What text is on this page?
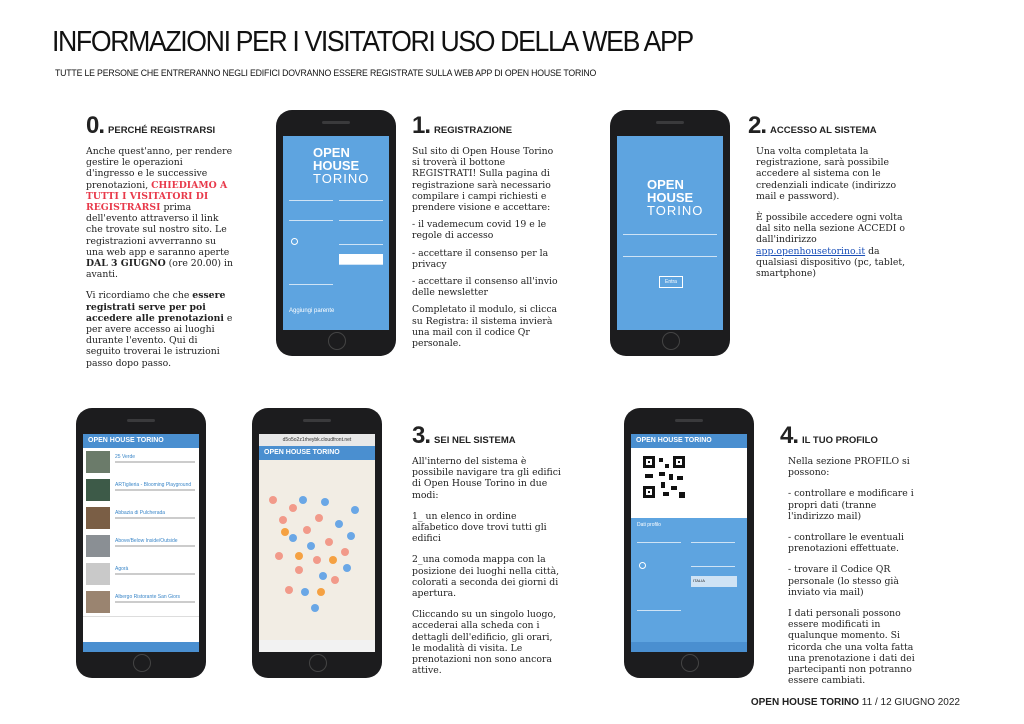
INFORMAZIONI PER I VISITATORI USO DELLA WEB APP
TUTTE LE PERSONE CHE ENTRERANNO NEGLI EDIFICI DOVRANNO ESSERE REGISTRATE SULLA WEB APP DI OPEN HOUSE TORINO
0. PERCHÉ REGISTRARSI

Anche quest'anno, per rendere gestire le operazioni d'ingresso e le successive prenotazioni, CHIEDIAMO A TUTTI I VISITATORI DI REGISTRARSI prima dell'evento attraverso il link che trovate sul nostro sito. Le registrazioni avverranno su una web app e saranno aperte DAL 3 GIUGNO (ore 20.00) in avanti.

Vi ricordiamo che che essere registrati serve per poi accedere alle prenotazioni e per avere accesso ai luoghi durante l'evento. Qui di seguito troverai le istruzioni passo dopo passo.

OPEN
HOUSE
TORINO
Aggiungi parente
1. REGISTRAZIONE

Sul sito di Open House Torino si troverà il bottone REGISTRATI! Sulla pagina di registrazione sarà necessario compilare i campi richiesti e prendere visione e accettare:

- il vademecum covid 19 e le regole di accesso

- accettare il consenso per la privacy

- accettare il consenso all'invio delle newsletter

Completato il modulo, si clicca su Registra: il sistema invierà una mail con il codice Qr personale.

OPEN
HOUSE
TORINO
Entra
2. ACCESSO AL SISTEMA

Una volta completata la registrazione, sarà possibile accedere al sistema con le credenziali indicate (indirizzo mail e password).

È possibile accedere ogni volta dal sito nella sezione ACCEDI o dall'indirizzo app.openhousetorino.it da qualsiasi dispositivo (pc, tablet, smartphone)

OPEN HOUSE TORINO
25 Verde
ARTiglieria - Blooming Playground
Abbazia di Pulcherada
Above/Below Inside/Outside
Agorà
Albergo Ristorante San Giors
d5o5o2z1rheybk.cloudfront.net
OPEN HOUSE TORINO
3. SEI NEL SISTEMA

All'interno del sistema è possibile navigare tra gli edifici di Open House Torino in due modi:

1_ un elenco in ordine alfabetico dove trovi tutti gli edifici

2_una comoda mappa con la posizione dei luoghi nella città, colorati a seconda dei giorni di apertura.

Cliccando su un singolo luogo, accederai alla scheda con i dettagli dell'edificio, gli orari, le modalità di visita. Le prenotazioni non sono ancora attive.

OPEN HOUSE TORINO
Dati profilo
ITALIA
4. IL TUO PROFILO

Nella sezione PROFILO si possono:

- controllare e modificare i propri dati (tranne l'indirizzo mail)

- controllare le eventuali prenotazioni effettuate.

- trovare il Codice QR personale (lo stesso già inviato via mail)

I dati personali possono essere modificati in qualunque momento. Si ricorda che una volta fatta una prenotazione i dati dei partecipanti non potranno essere cambiati.

OPEN HOUSE TORINO 11 / 12 GIUGNO 2022
